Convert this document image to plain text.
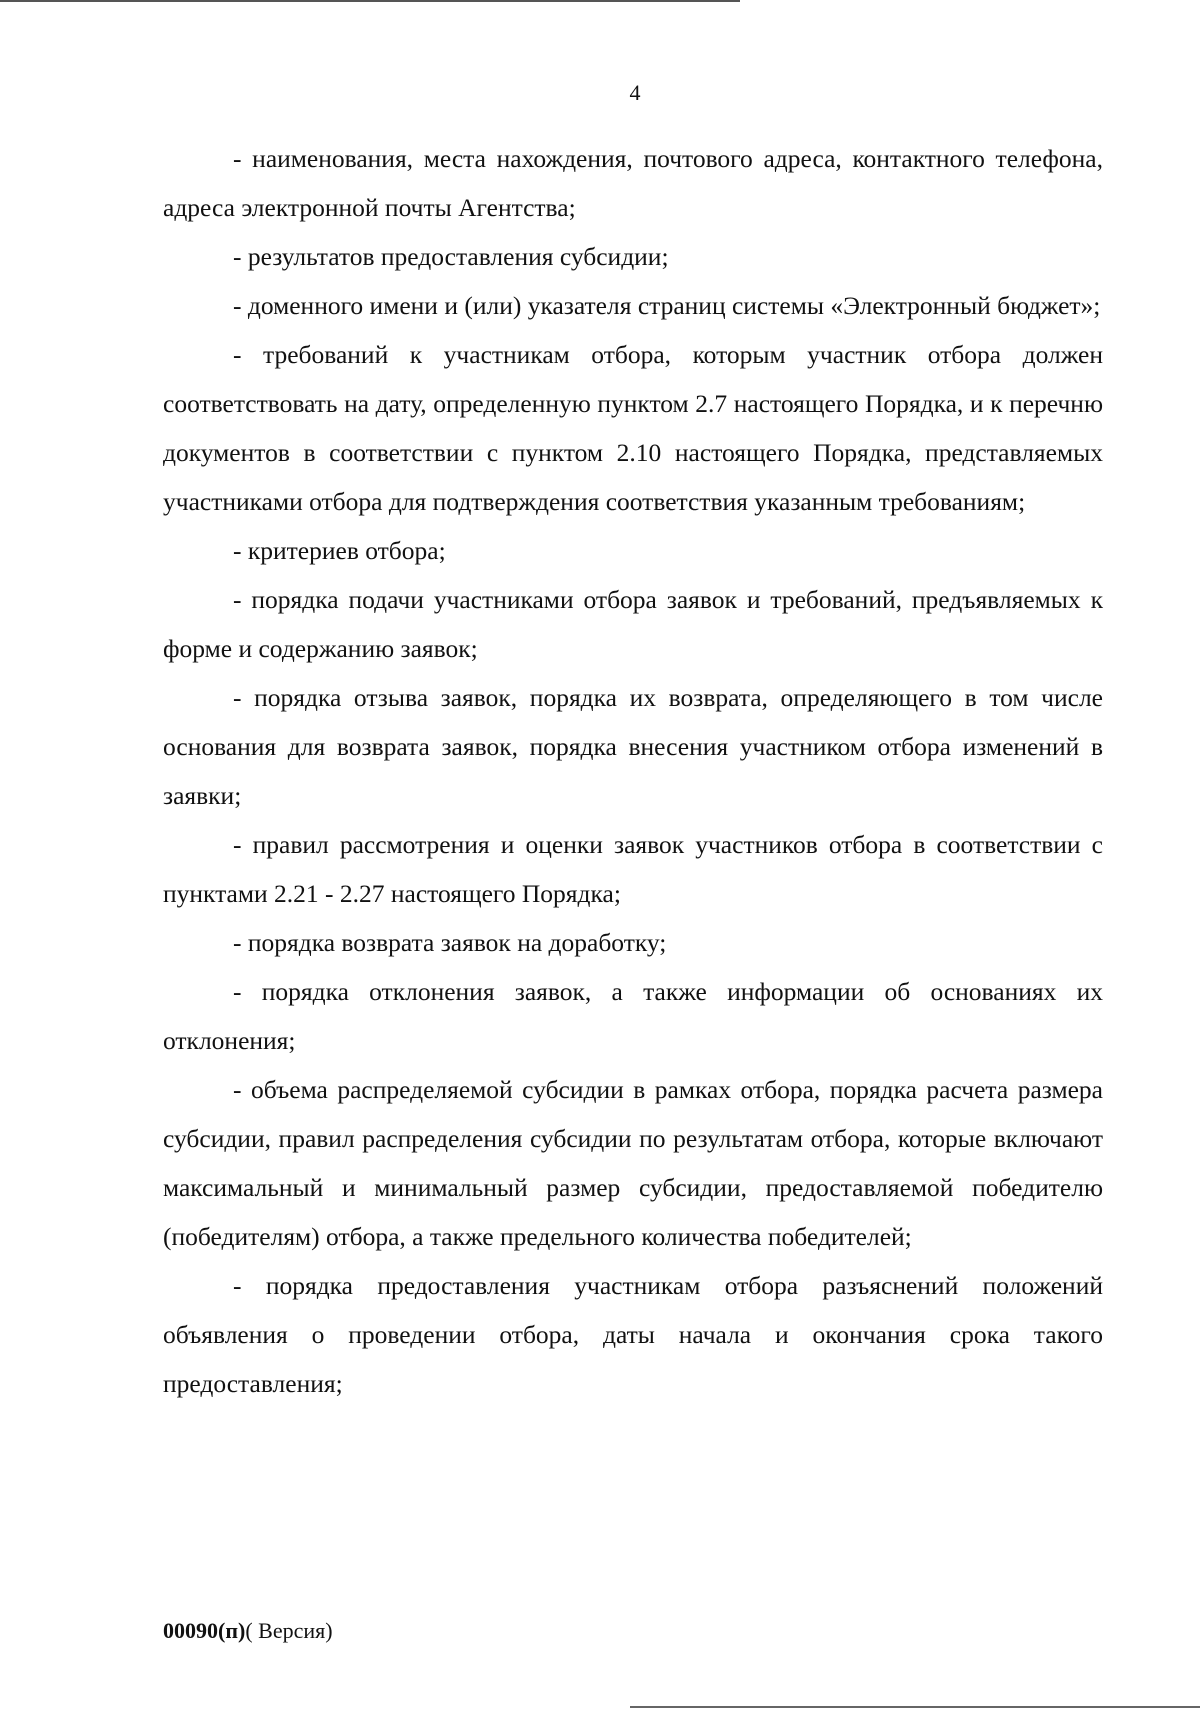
4

- наименования, места нахождения, почтового адреса, контактного телефона, адреса электронной почты Агентства;

- результатов предоставления субсидии;

- доменного имени и (или) указателя страниц системы «Электронный бюджет»;

- требований к участникам отбора, которым участник отбора должен соответствовать на дату, определенную пунктом 2.7 настоящего Порядка, и к перечню документов в соответствии с пунктом 2.10 настоящего Порядка, представляемых участниками отбора для подтверждения соответствия указанным требованиям;

- критериев отбора;

- порядка подачи участниками отбора заявок и требований, предъявляемых к форме и содержанию заявок;

- порядка отзыва заявок, порядка их возврата, определяющего в том числе основания для возврата заявок, порядка внесения участником отбора изменений в заявки;

- правил рассмотрения и оценки заявок участников отбора в соответствии с пунктами 2.21 - 2.27 настоящего Порядка;

- порядка возврата заявок на доработку;

- порядка отклонения заявок, а также информации об основаниях их отклонения;

- объема распределяемой субсидии в рамках отбора, порядка расчета размера субсидии, правил распределения субсидии по результатам отбора, которые включают максимальный и минимальный размер субсидии, предоставляемой победителю (победителям) отбора, а также предельного количества победителей;

- порядка предоставления участникам отбора разъяснений положений объявления о проведении отбора, даты начала и окончания срока такого предоставления;

00090(п)( Версия)
